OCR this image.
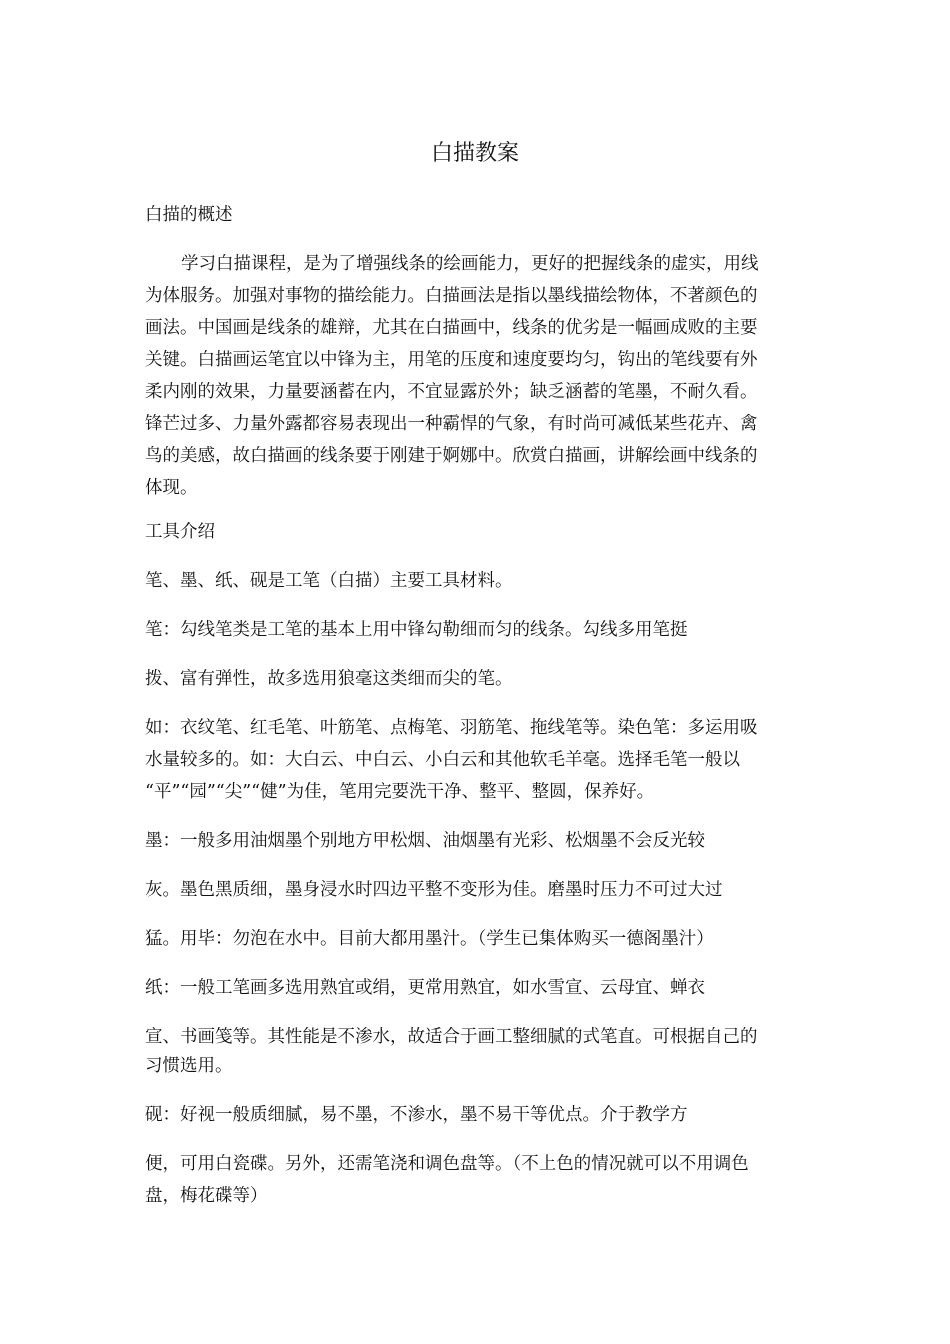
白描教案
白描的概述
学习白描课程，是为了增强线条的绘画能力，更好的把握线条的虚实，用线
为体服务。加强对事物的描绘能力。白描画法是指以墨线描绘物体，不著颜色的
画法。中国画是线条的雄辩，尤其在白描画中，线条的优劣是一幅画成败的主要
关键。白描画运笔宜以中锋为主，用笔的压度和速度要均匀，钩出的笔线要有外
柔内刚的效果，力量要涵蓄在内，不宜显露於外；缺乏涵蓄的笔墨，不耐久看。
锋芒过多、力量外露都容易表现出一种霸悍的气象，有时尚可减低某些花卉、禽
鸟的美感，故白描画的线条要于刚建于婀娜中。欣赏白描画，讲解绘画中线条的
体现。
工具介绍
笔、墨、纸、砚是工笔（白描）主要工具材料。
笔：勾线笔类是工笔的基本上用中锋勾勒细而匀的线条。勾线多用笔挺
拨、富有弹性，故多选用狼毫这类细而尖的笔。
如：衣纹笔、红毛笔、叶筋笔、点梅笔、羽筋笔、拖线笔等。染色笔：多运用吸
水量较多的。如：大白云、中白云、小白云和其他软毛羊毫。选择毛笔一般以
“平”“园”“尖”“健”为佳，笔用完要洗干净、整平、整圆，保养好。
墨：一般多用油烟墨个别地方甲松烟、油烟墨有光彩、松烟墨不会反光较
灰。墨色黑质细，墨身浸水时四边平整不变形为佳。磨墨时压力不可过大过
猛。用毕：勿泡在水中。目前大都用墨汁。（学生已集体购买一德阁墨汁）
纸：一般工笔画多选用熟宜或绢，更常用熟宜，如水雪宣、云母宜、蝉衣
宣、书画笺等。其性能是不渗水，故适合于画工整细腻的式笔直。可根据自己的
习惯选用。
砚：好视一般质细腻，易不墨，不渗水，墨不易干等优点。介于教学方
便，可用白瓷碟。另外，还需笔浇和调色盘等。（不上色的情况就可以不用调色
盘，梅花碟等）
